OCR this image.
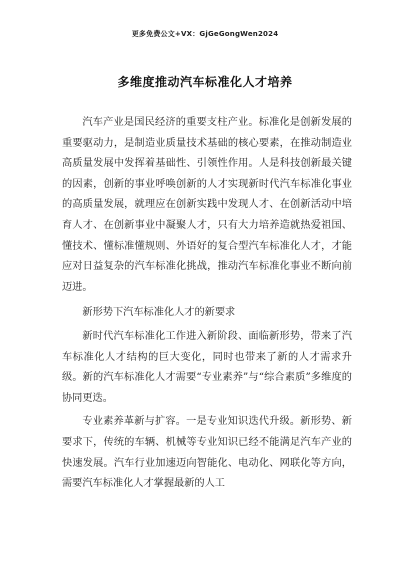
更多免费公文+VX：GjGeGongWen2024
多维度推动汽车标准化人才培养

汽车产业是国民经济的重要支柱产业。标准化是创新发展的重要驱动力，是制造业质量技术基础的核心要素，在推动制造业高质量发展中发挥着基础性、引领性作用。人是科技创新最关键的因素，创新的事业呼唤创新的人才实现新时代汽车标准化事业的高质量发展，就理应在创新实践中发现人才、在创新活动中培育人才、在创新事业中凝聚人才，只有大力培养造就热爱祖国、懂技术、懂标准懂规则、外语好的复合型汽车标准化人才，才能应对日益复杂的汽车标准化挑战，推动汽车标准化事业不断向前迈进。

新形势下汽车标准化人才的新要求

新时代汽车标准化工作进入新阶段、面临新形势，带来了汽车标准化人才结构的巨大变化，同时也带来了新的人才需求升级。新的汽车标准化人才需要“专业素养”与“综合素质”多维度的协同更迭。

专业素养革新与扩容。一是专业知识迭代升级。新形势、新要求下，传统的车辆、机械等专业知识已经不能满足汽车产业的快速发展。汽车行业加速迈向智能化、电动化、网联化等方向，需要汽车标准化人才掌握最新的人工
